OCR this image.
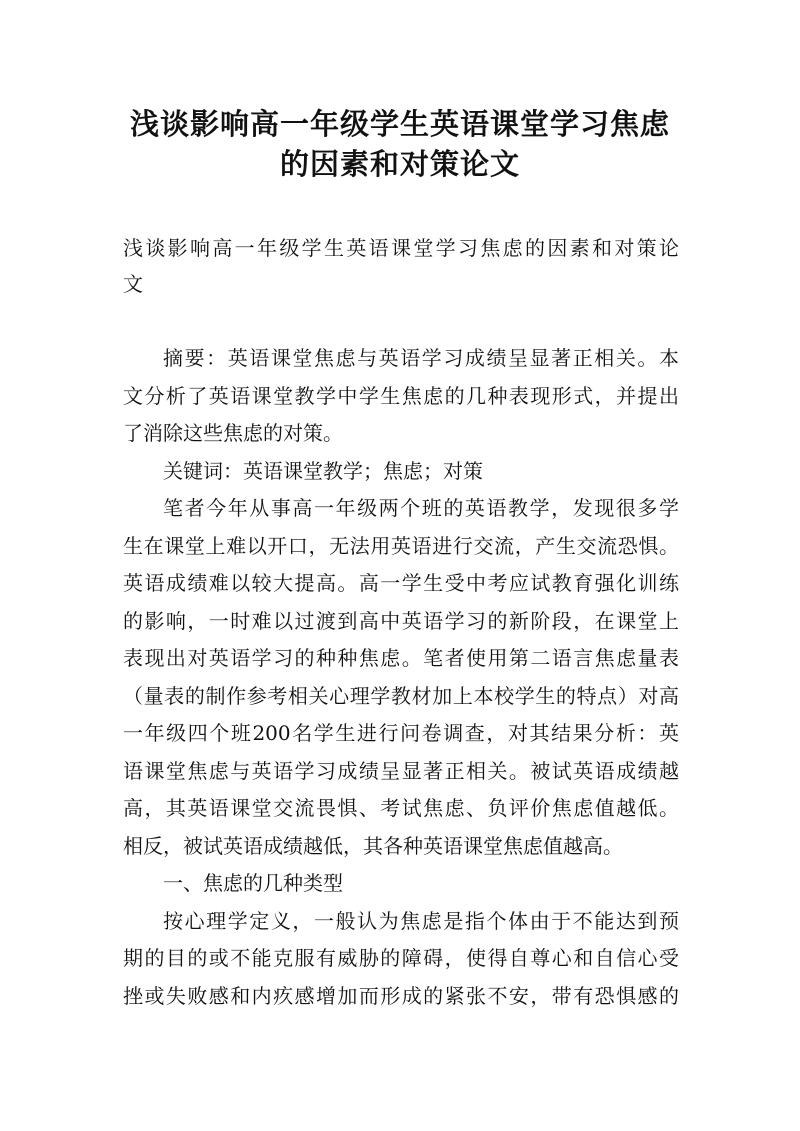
浅谈影响高一年级学生英语课堂学习焦虑
的因素和对策论文
浅谈影响高一年级学生英语课堂学习焦虑的因素和对策论
文
摘要：英语课堂焦虑与英语学习成绩呈显著正相关。本
文分析了英语课堂教学中学生焦虑的几种表现形式，并提出
了消除这些焦虑的对策。
关键词：英语课堂教学；焦虑；对策
笔者今年从事高一年级两个班的英语教学，发现很多学
生在课堂上难以开口，无法用英语进行交流，产生交流恐惧。
英语成绩难以较大提高。高一学生受中考应试教育强化训练
的影响，一时难以过渡到高中英语学习的新阶段，在课堂上
表现出对英语学习的种种焦虑。笔者使用第二语言焦虑量表
（量表的制作参考相关心理学教材加上本校学生的特点）对高
一年级四个班200名学生进行问卷调查，对其结果分析：英
语课堂焦虑与英语学习成绩呈显著正相关。被试英语成绩越
高，其英语课堂交流畏惧、考试焦虑、负评价焦虑值越低。
相反，被试英语成绩越低，其各种英语课堂焦虑值越高。
一、焦虑的几种类型
按心理学定义，一般认为焦虑是指个体由于不能达到预
期的目的或不能克服有威胁的障碍，使得自尊心和自信心受
挫或失败感和内疚感增加而形成的紧张不安，带有恐惧感的
